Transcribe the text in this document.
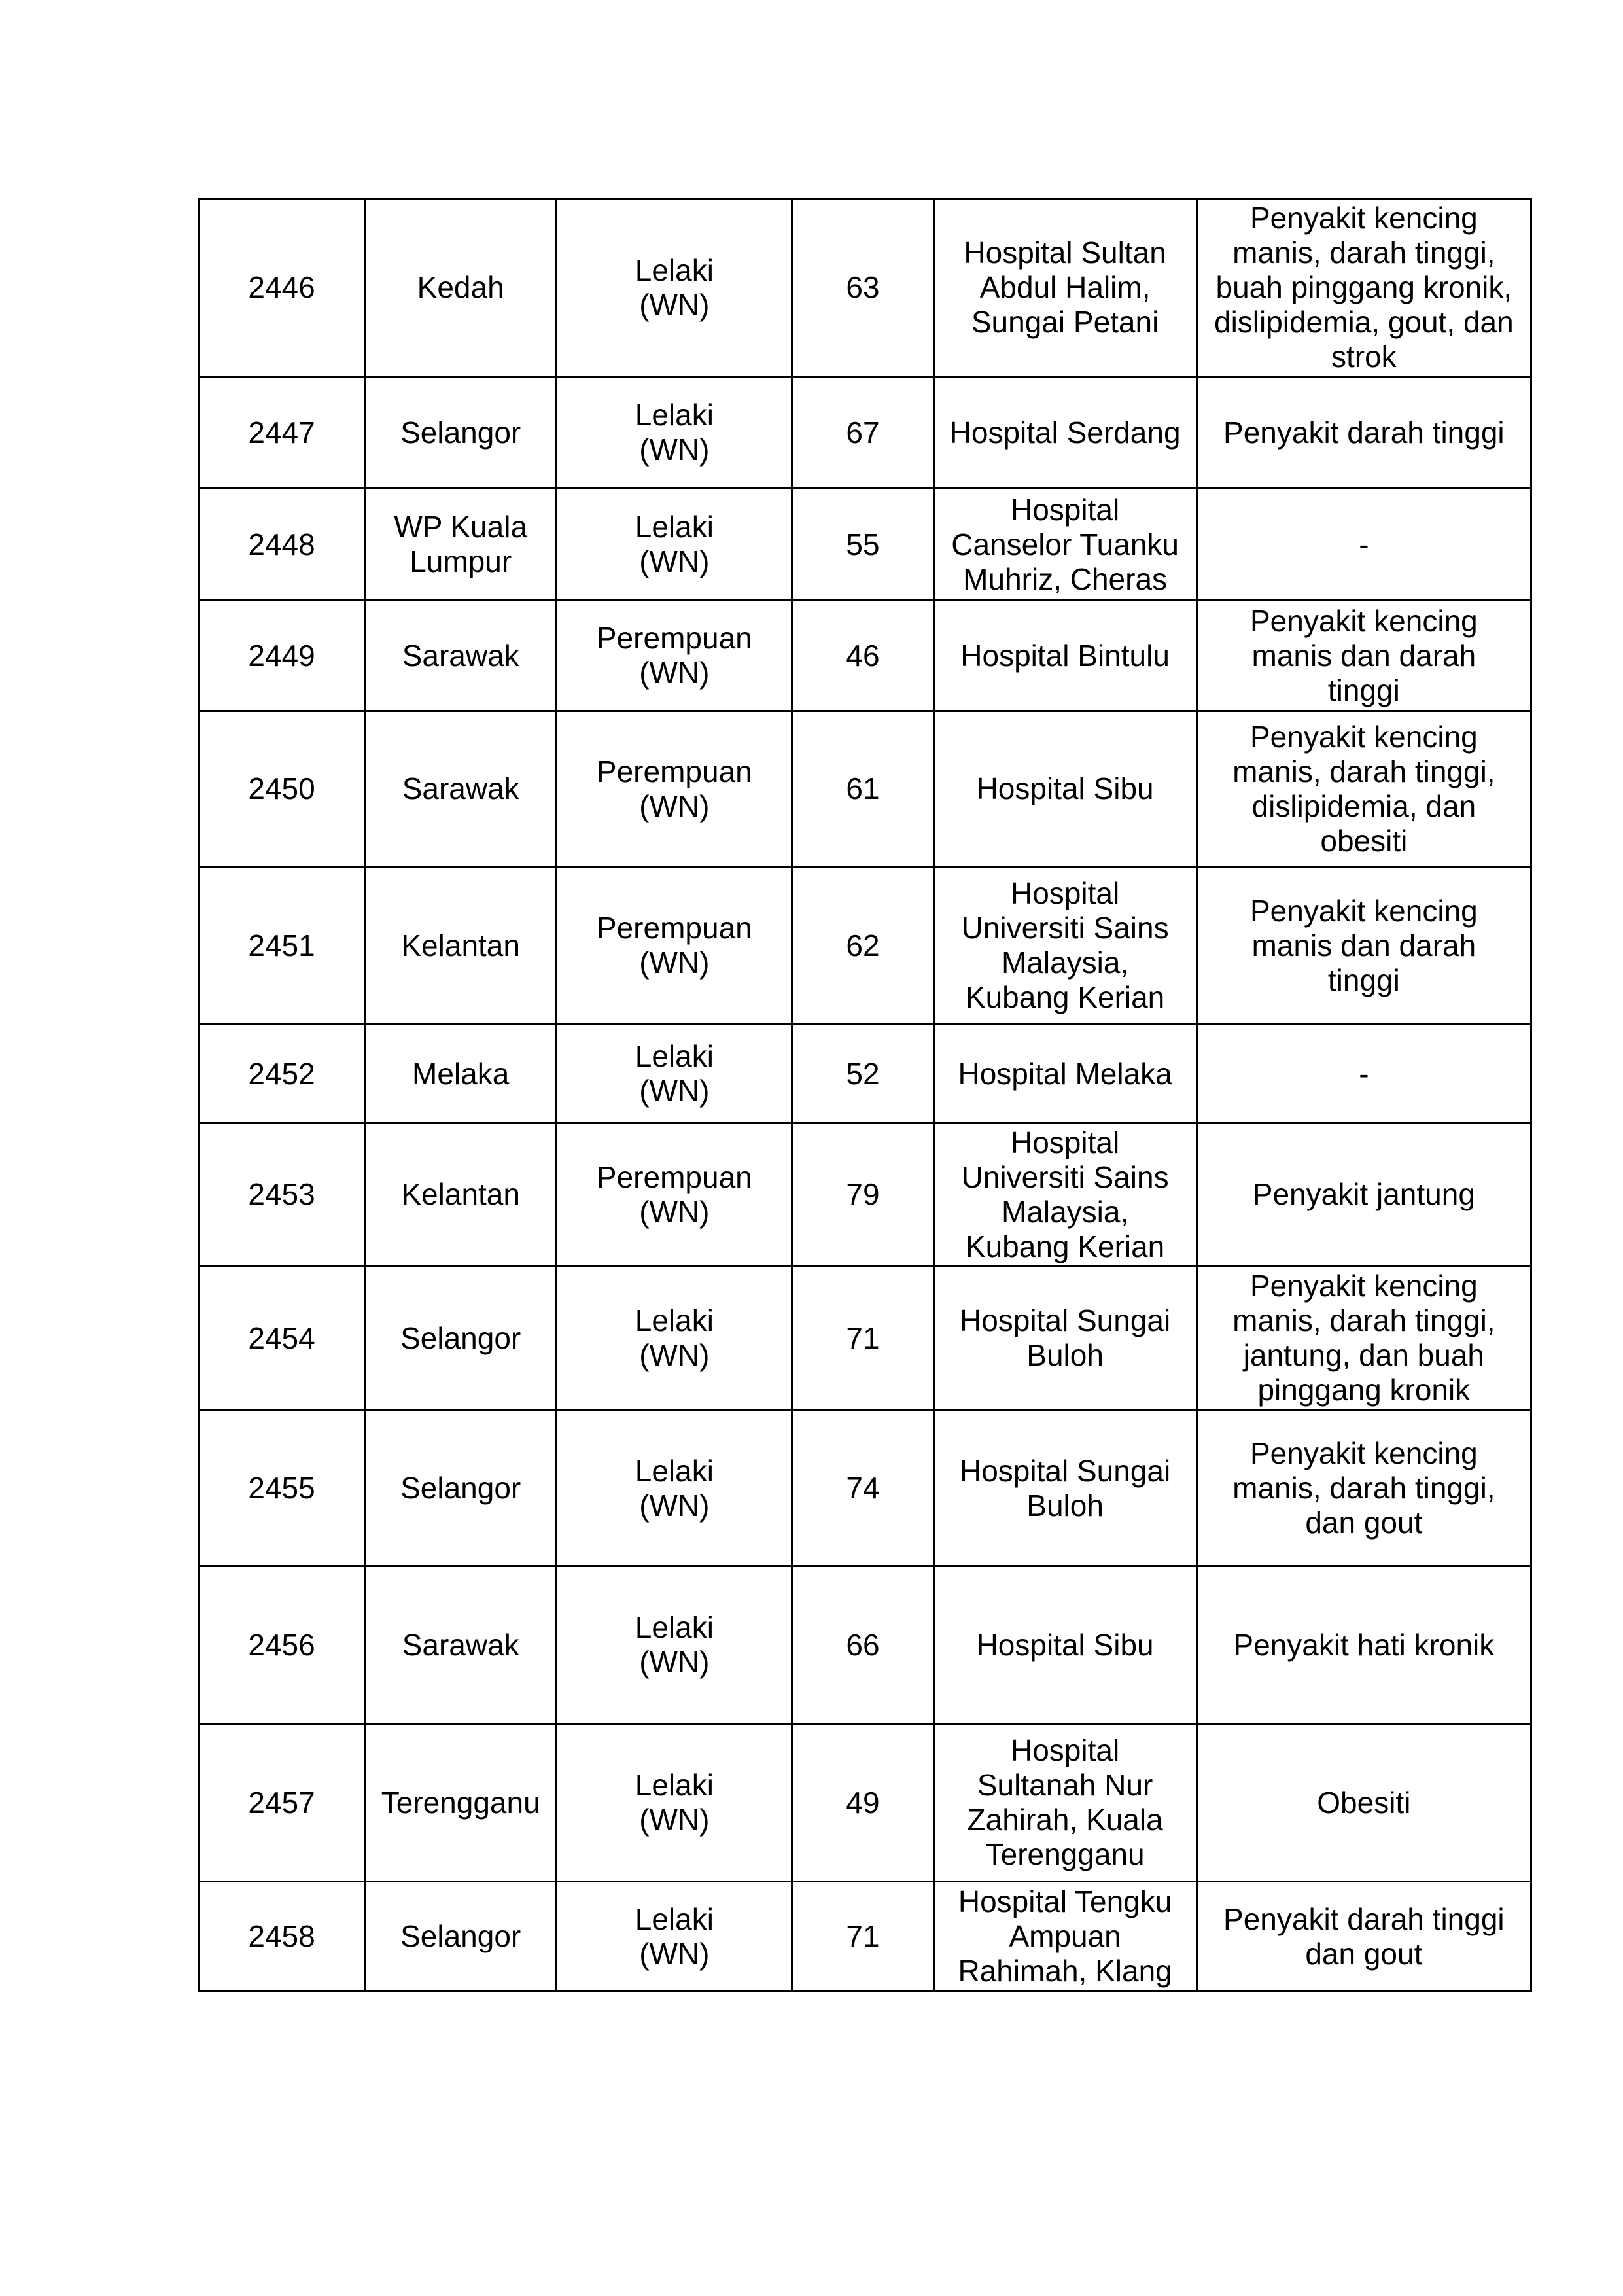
2446	Kedah	Lelaki
(WN)	63	Hospital Sultan
Abdul Halim,
Sungai Petani	Penyakit kencing
manis, darah tinggi,
buah pinggang kronik,
dislipidemia, gout, dan
strok
2447	Selangor	Lelaki
(WN)	67	Hospital Serdang	Penyakit darah tinggi
2448	WP Kuala
Lumpur	Lelaki
(WN)	55	Hospital
Canselor Tuanku
Muhriz, Cheras	-
2449	Sarawak	Perempuan
(WN)	46	Hospital Bintulu	Penyakit kencing
manis dan darah
tinggi
2450	Sarawak	Perempuan
(WN)	61	Hospital Sibu	Penyakit kencing
manis, darah tinggi,
dislipidemia, dan
obesiti
2451	Kelantan	Perempuan
(WN)	62	Hospital
Universiti Sains
Malaysia,
Kubang Kerian	Penyakit kencing
manis dan darah
tinggi
2452	Melaka	Lelaki
(WN)	52	Hospital Melaka	-
2453	Kelantan	Perempuan
(WN)	79	Hospital
Universiti Sains
Malaysia,
Kubang Kerian	Penyakit jantung
2454	Selangor	Lelaki
(WN)	71	Hospital Sungai
Buloh	Penyakit kencing
manis, darah tinggi,
jantung, dan buah
pinggang kronik
2455	Selangor	Lelaki
(WN)	74	Hospital Sungai
Buloh	Penyakit kencing
manis, darah tinggi,
dan gout
2456	Sarawak	Lelaki
(WN)	66	Hospital Sibu	Penyakit hati kronik
2457	Terengganu	Lelaki
(WN)	49	Hospital
Sultanah Nur
Zahirah, Kuala
Terengganu	Obesiti
2458	Selangor	Lelaki
(WN)	71	Hospital Tengku
Ampuan
Rahimah, Klang	Penyakit darah tinggi
dan gout
